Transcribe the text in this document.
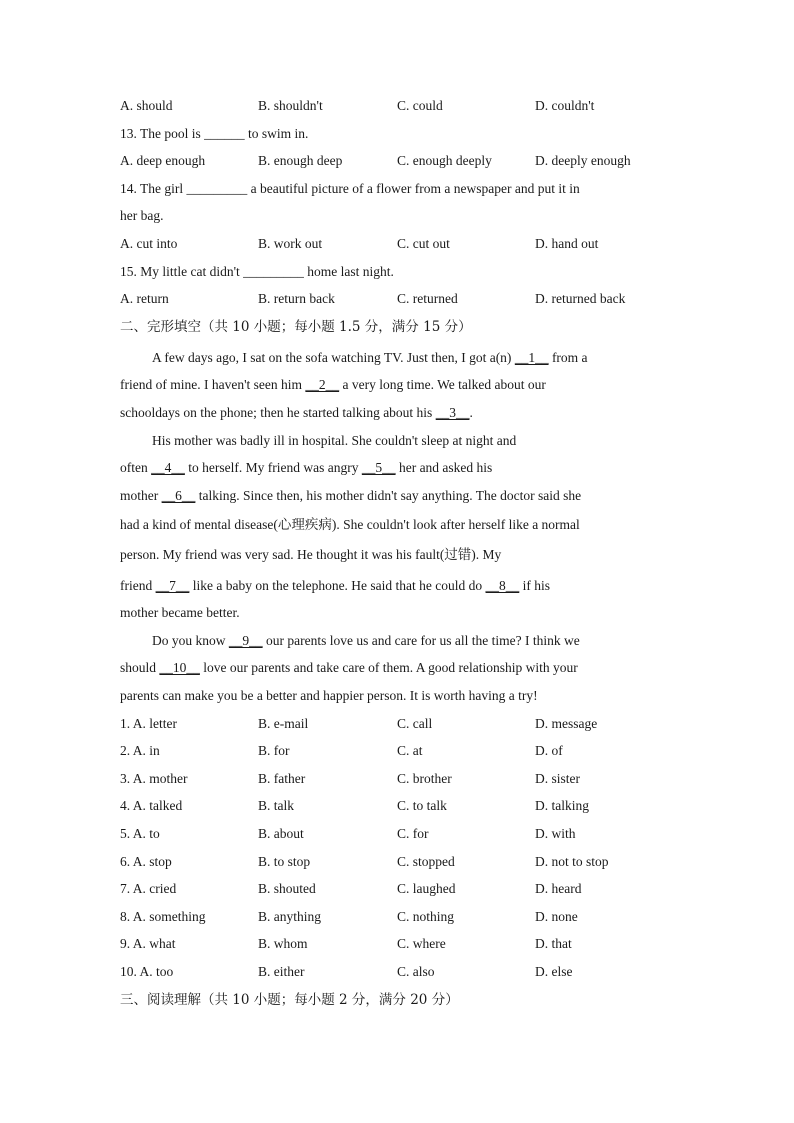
A. should	B. shouldn't	C. could	D. couldn't
13. The pool is ______ to swim in.
A. deep enough	B. enough deep	C. enough deeply	D. deeply enough
14. The girl _________ a beautiful picture of a flower from a newspaper and put it in
her bag.
A. cut into	B. work out	C. cut out	D. hand out
15. My little cat didn't _________ home last night.
A. return	B. return back	C. returned	D. returned back
二、完形填空（共 10 小题；每小题 1.5 分，满分 15 分）
A few days ago, I sat on the sofa watching TV. Just then, I got a(n) __1__ from a
friend of mine. I haven't seen him __2__ a very long time. We talked about our
schooldays on the phone; then he started talking about his __3__.
His mother was badly ill in hospital. She couldn't sleep at night and
often __4__ to herself. My friend was angry __5__ her and asked his
mother __6__ talking. Since then, his mother didn't say anything. The doctor said she
had a kind of mental disease(心理疾病). She couldn't look after herself like a normal
person. My friend was very sad. He thought it was his fault(过错). My
friend __7__ like a baby on the telephone. He said that he could do __8__ if his
mother became better.
Do you know __9__ our parents love us and care for us all the time? I think we
should __10__ love our parents and take care of them. A good relationship with your
parents can make you be a better and happier person. It is worth having a try!
1. A. letter	B. e-mail	C. call	D. message
2. A. in	B. for	C. at	D. of
3. A. mother	B. father	C. brother	D. sister
4. A. talked	B. talk	C. to talk	D. talking
5. A. to	B. about	C. for	D. with
6. A. stop	B. to stop	C. stopped	D. not to stop
7. A. cried	B. shouted	C. laughed	D. heard
8. A. something	B. anything	C. nothing	D. none
9. A. what	B. whom	C. where	D. that
10. A. too	B. either	C. also	D. else
三、阅读理解（共 10 小题；每小题 2 分，满分 20 分）
